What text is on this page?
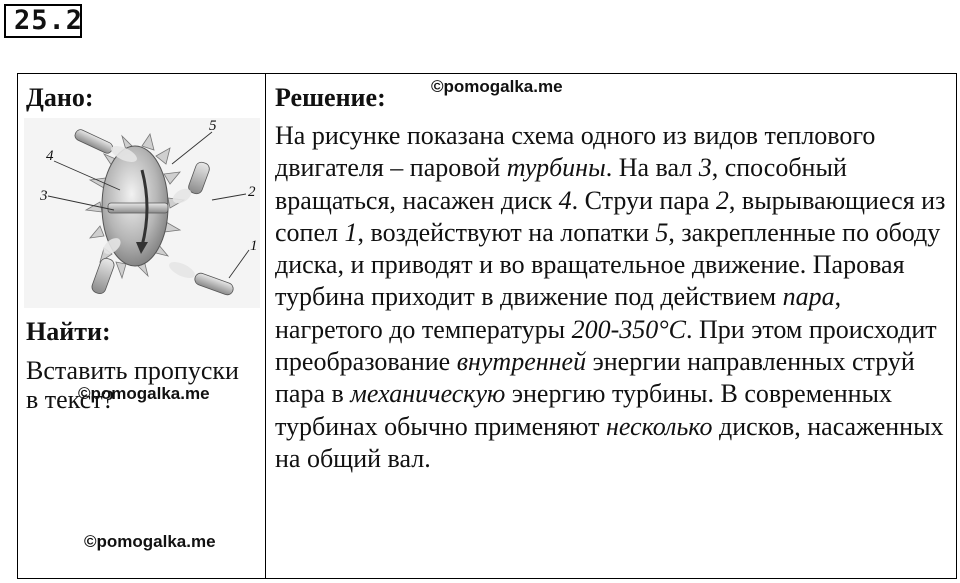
25.2
Дано:
5
4
3	2
1
Найти:
Вставить пропуски в текст?
©pomogalka.me
©pomogalka.me

Решение:	©pomogalka.me
На рисунке показана схема одного из видов теплового двигателя – паровой турбины. На вал 3, способный вращаться, насажен диск 4. Струи пара 2, вырывающиеся из сопел 1, воздействуют на лопатки 5, закрепленные по ободу диска, и приводят и во вращательное движение. Паровая турбина приходит в движение под действием пара, нагретого до температуры 200-350°C. При этом происходит преобразование внутренней энергии направленных струй пара в механическую энергию турбины. В современных турбинах обычно применяют несколько дисков, насаженных на общий вал.
